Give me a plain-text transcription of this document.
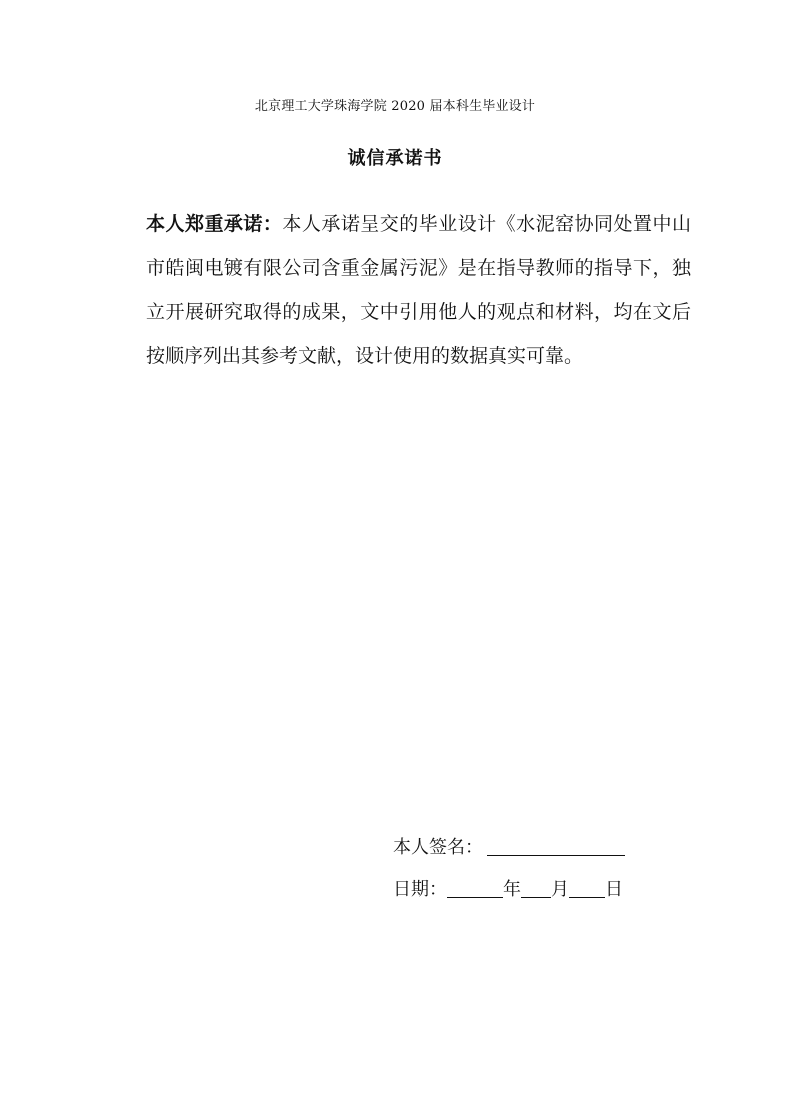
北京理工大学珠海学院 2020 届本科生毕业设计
诚信承诺书

本人郑重承诺：本人承诺呈交的毕业设计《水泥窑协同处置中山市皓闽电镀有限公司含重金属污泥》是在指导教师的指导下，独立开展研究取得的成果，文中引用他人的观点和材料，均在文后按顺序列出其参考文献，设计使用的数据真实可靠。

本人签名：
日期：	年 月 日
